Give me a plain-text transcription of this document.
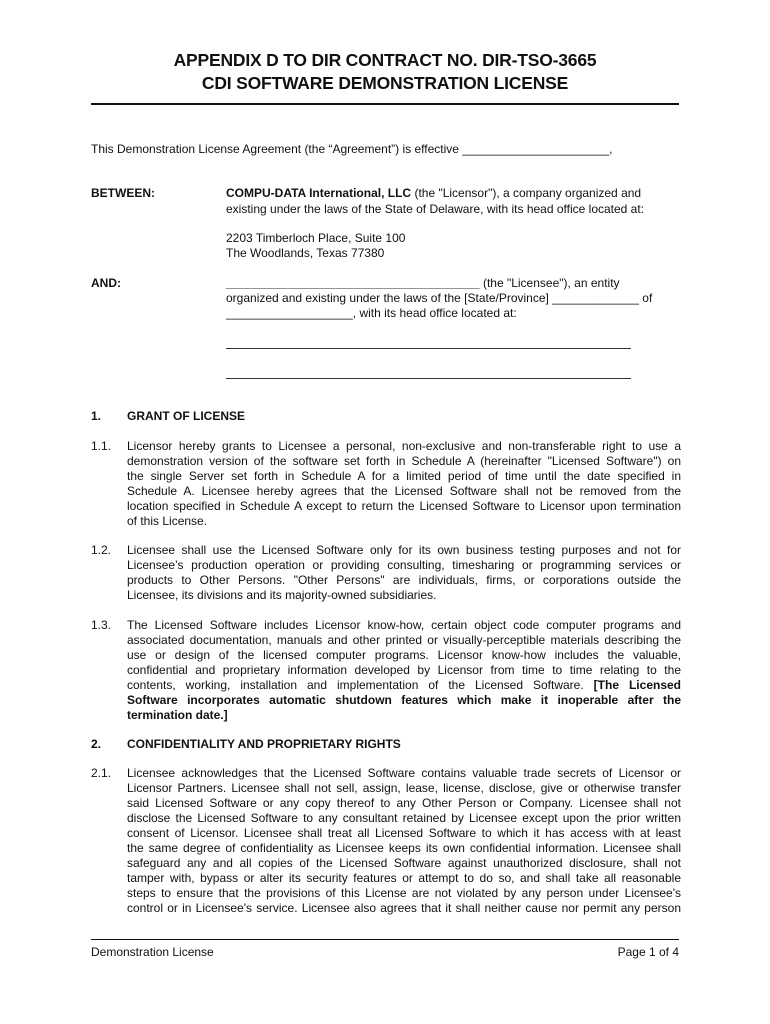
APPENDIX D TO DIR CONTRACT NO. DIR-TSO-3665
CDI SOFTWARE DEMONSTRATION LICENSE
This Demonstration License Agreement (the “Agreement”) is effective ______________________,
BETWEEN:	COMPU-DATA International, LLC (the "Licensor"), a company organized and
existing under the laws of the State of Delaware, with its head office located at:
2203 Timberloch Place, Suite 100
The Woodlands, Texas 77380
AND:	______________________________________ (the "Licensee"), an entity
organized and existing under the laws of the [State/Province] _____________ of
___________________, with its head office located at:
1. GRANT OF LICENSE
1.1. Licensor hereby grants to Licensee a personal, non-exclusive and non-transferable right to use a
demonstration version of the software set forth in Schedule A (hereinafter "Licensed Software") on
the single Server set forth in Schedule A for a limited period of time until the date specified in
Schedule A. Licensee hereby agrees that the Licensed Software shall not be removed from the
location specified in Schedule A except to return the Licensed Software to Licensor upon termination
of this License.
1.2. Licensee shall use the Licensed Software only for its own business testing purposes and not for
Licensee’s production operation or providing consulting, timesharing or programming services or
products to Other Persons. "Other Persons" are individuals, firms, or corporations outside the
Licensee, its divisions and its majority-owned subsidiaries.
1.3. The Licensed Software includes Licensor know-how, certain object code computer programs and
associated documentation, manuals and other printed or visually-perceptible materials describing the
use or design of the licensed computer programs. Licensor know-how includes the valuable,
confidential and proprietary information developed by Licensor from time to time relating to the
contents, working, installation and implementation of the Licensed Software. [The Licensed
Software incorporates automatic shutdown features which make it inoperable after the
termination date.]
2. CONFIDENTIALITY AND PROPRIETARY RIGHTS
2.1. Licensee acknowledges that the Licensed Software contains valuable trade secrets of Licensor or
Licensor Partners. Licensee shall not sell, assign, lease, license, disclose, give or otherwise transfer
said Licensed Software or any copy thereof to any Other Person or Company. Licensee shall not
disclose the Licensed Software to any consultant retained by Licensee except upon the prior written
consent of Licensor. Licensee shall treat all Licensed Software to which it has access with at least
the same degree of confidentiality as Licensee keeps its own confidential information. Licensee shall
safeguard any and all copies of the Licensed Software against unauthorized disclosure, shall not
tamper with, bypass or alter its security features or attempt to do so, and shall take all reasonable
steps to ensure that the provisions of this License are not violated by any person under Licensee's
control or in Licensee's service. Licensee also agrees that it shall neither cause nor permit any person
Demonstration License	Page 1 of 4
